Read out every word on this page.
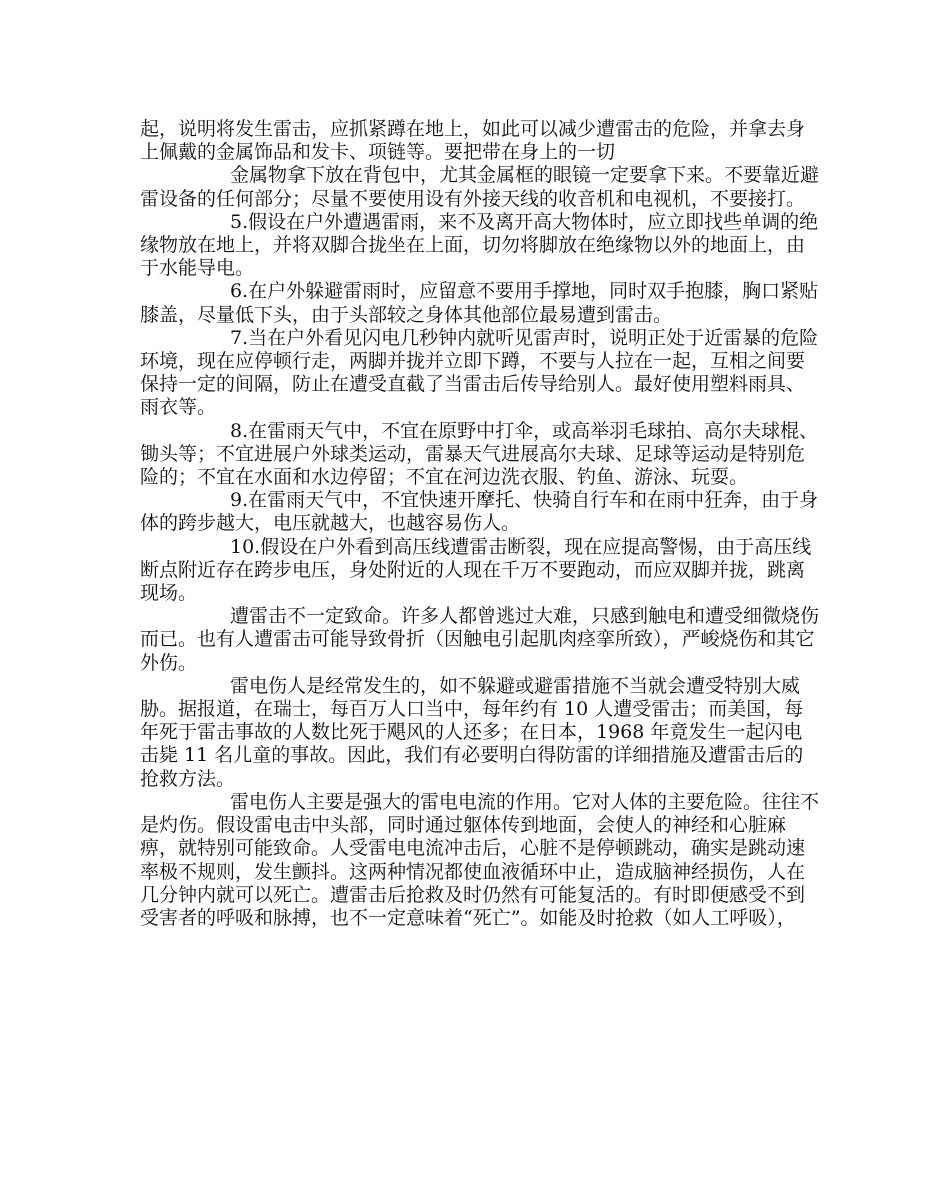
起，说明将发生雷击，应抓紧蹲在地上，如此可以减少遭雷击的危险，并拿去身上佩戴的金属饰品和发卡、项链等。要把带在身上的一切

金属物拿下放在背包中，尤其金属框的眼镜一定要拿下来。不要靠近避雷设备的任何部分；尽量不要使用设有外接天线的收音机和电视机，不要接打。

5.假设在户外遭遇雷雨，来不及离开高大物体时，应立即找些单调的绝缘物放在地上，并将双脚合拢坐在上面，切勿将脚放在绝缘物以外的地面上，由于水能导电。

6.在户外躲避雷雨时，应留意不要用手撑地，同时双手抱膝，胸口紧贴膝盖，尽量低下头，由于头部较之身体其他部位最易遭到雷击。

7.当在户外看见闪电几秒钟内就听见雷声时，说明正处于近雷暴的危险环境，现在应停顿行走，两脚并拢并立即下蹲，不要与人拉在一起，互相之间要保持一定的间隔，防止在遭受直截了当雷击后传导给别人。最好使用塑料雨具、雨衣等。

8.在雷雨天气中，不宜在原野中打伞，或高举羽毛球拍、高尔夫球棍、锄头等；不宜进展户外球类运动，雷暴天气进展高尔夫球、足球等运动是特别危险的；不宜在水面和水边停留；不宜在河边洗衣服、钓鱼、游泳、玩耍。

9.在雷雨天气中，不宜快速开摩托、快骑自行车和在雨中狂奔，由于身体的跨步越大，电压就越大，也越容易伤人。

10.假设在户外看到高压线遭雷击断裂，现在应提高警惕，由于高压线断点附近存在跨步电压，身处附近的人现在千万不要跑动，而应双脚并拢，跳离现场。

遭雷击不一定致命。许多人都曾逃过大难，只感到触电和遭受细微烧伤而已。也有人遭雷击可能导致骨折（因触电引起肌肉痉挛所致），严峻烧伤和其它外伤。

雷电伤人是经常发生的，如不躲避或避雷措施不当就会遭受特别大威胁。据报道，在瑞士，每百万人口当中，每年约有 10 人遭受雷击；而美国，每年死于雷击事故的人数比死于飓风的人还多；在日本，1968 年竟发生一起闪电击毙 11 名儿童的事故。因此，我们有必要明白得防雷的详细措施及遭雷击后的抢救方法。

雷电伤人主要是强大的雷电电流的作用。它对人体的主要危险。往往不是灼伤。假设雷电击中头部，同时通过躯体传到地面，会使人的神经和心脏麻痹，就特别可能致命。人受雷电电流冲击后，心脏不是停顿跳动，确实是跳动速率极不规则，发生颤抖。这两种情况都使血液循环中止，造成脑神经损伤，人在几分钟内就可以死亡。遭雷击后抢救及时仍然有可能复活的。有时即便感受不到受害者的呼吸和脉搏，也不一定意味着“死亡”。如能及时抢救（如人工呼吸），
